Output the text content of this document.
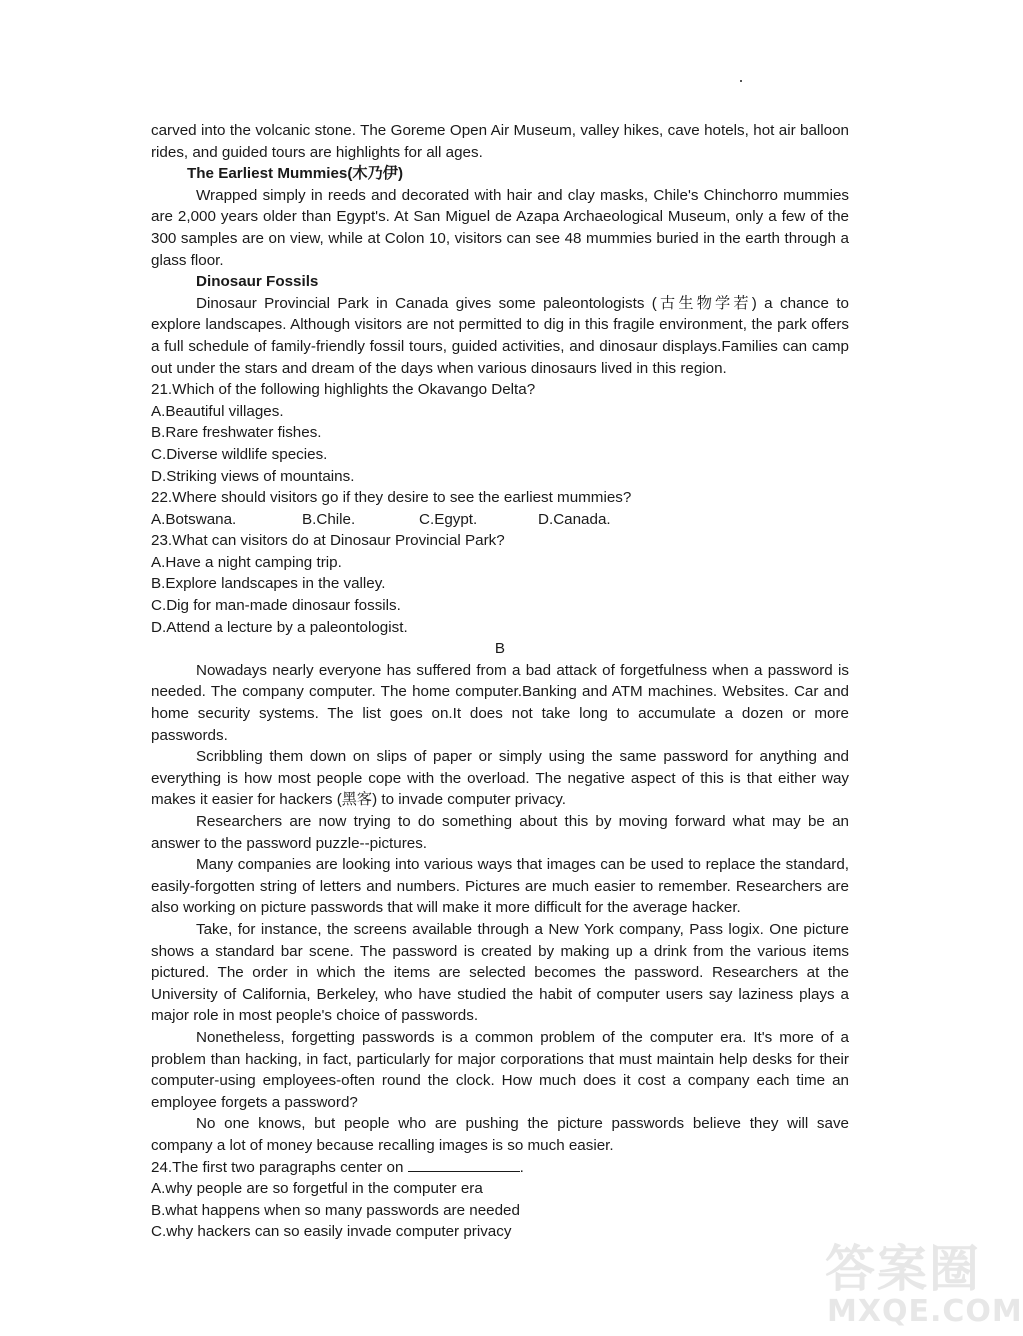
carved into the volcanic stone. The Goreme Open Air Museum, valley hikes, cave hotels, hot air balloon rides, and guided tours are highlights for all ages.

The Earliest Mummies(木乃伊)

Wrapped simply in reeds and decorated with hair and clay masks, Chile's Chinchorro mummies are 2,000 years older than Egypt's. At San Miguel de Azapa Archaeological Museum, only a few of the 300 samples are on view, while at Colon 10, visitors can see 48 mummies buried in the earth through a glass floor.

Dinosaur Fossils

Dinosaur Provincial Park in Canada gives some paleontologists (古生物学若) a chance to explore landscapes. Although visitors are not permitted to dig in this fragile environment, the park offers a full schedule of family-friendly fossil tours, guided activities, and dinosaur displays.Families can camp out under the stars and dream of the days when various dinosaurs lived in this region.

21.Which of the following highlights the Okavango Delta?

A.Beautiful villages.

B.Rare freshwater fishes.

C.Diverse wildlife species.

D.Striking views of mountains.

22.Where should visitors go if they desire to see the earliest mummies?

A.Botswana.	B.Chile.	C.Egypt.	D.Canada.

23.What can visitors do at Dinosaur Provincial Park?

A.Have a night camping trip.

B.Explore landscapes in the valley.

C.Dig for man-made dinosaur fossils.

D.Attend a lecture by a paleontologist.

B

Nowadays nearly everyone has suffered from a bad attack of forgetfulness when a password is needed. The company computer. The home computer.Banking and ATM machines. Websites. Car and home security systems. The list goes on.It does not take long to accumulate a dozen or more passwords.

Scribbling them down on slips of paper or simply using the same password for anything and everything is how most people cope with the overload. The negative aspect of this is that either way makes it easier for hackers (黑客) to invade computer privacy.

Researchers are now trying to do something about this by moving forward what may be an answer to the password puzzle--pictures.

Many companies are looking into various ways that images can be used to replace the standard, easily-forgotten string of letters and numbers. Pictures are much easier to remember. Researchers are also working on picture passwords that will make it more difficult for the average hacker.

Take, for instance, the screens available through a New York company, Pass logix. One picture shows a standard bar scene. The password is created by making up a drink from the various items pictured. The order in which the items are selected becomes the password. Researchers at the University of California, Berkeley, who have studied the habit of computer users say laziness plays a major role in most people's choice of passwords.

Nonetheless, forgetting passwords is a common problem of the computer era. It's more of a problem than hacking, in fact, particularly for major corporations that must maintain help desks for their computer-using employees-often round the clock. How much does it cost a company each time an employee forgets a password?

No one knows, but people who are pushing the picture passwords believe they will save company a lot of money because recalling images is so much easier.

24.The first two paragraphs center on	.

A.why people are so forgetful in the computer era

B.what happens when so many passwords are needed

C.why hackers can so easily invade computer privacy

答案圈
MXQE.COM
